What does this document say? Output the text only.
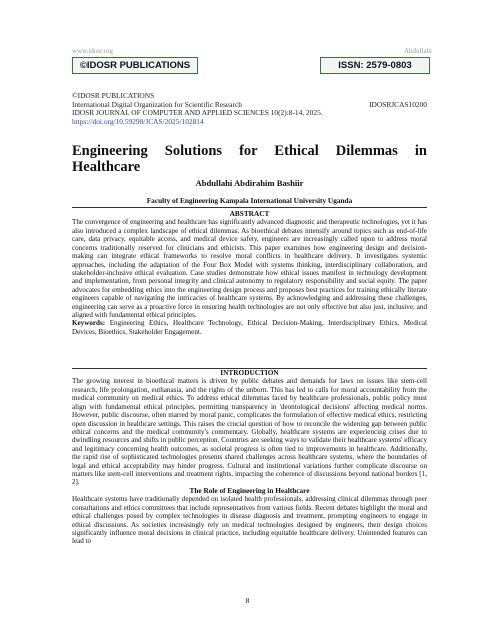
www.idosr.org	Abdullahi
©IDOSR PUBLICATIONS	ISSN: 2579-0803
©IDOSR PUBLICATIONS
International Digital Organization for Scientific Research	IDOSRJCAS10200
IDOSR JOURNAL OF COMPUTER AND APPLIED SCIENCES 10(2):8-14, 2025.
https://doi.org/10.59298/JCAS/2025/102814
Engineering Solutions for Ethical Dilemmas in Healthcare
Abdullahi Abdirahim Bashiir
Faculty of Engineering Kampala International University Uganda

ABSTRACT

The convergence of engineering and healthcare has significantly advanced diagnostic and therapeutic technologies, yet it has also introduced a complex landscape of ethical dilemmas. As bioethical debates intensify around topics such as end-of-life care, data privacy, equitable access, and medical device safety, engineers are increasingly called upon to address moral concerns traditionally reserved for clinicians and ethicists. This paper examines how engineering design and decision-making can integrate ethical frameworks to resolve moral conflicts in healthcare delivery. It investigates systemic approaches, including the adaptation of the Four Box Model with systems thinking, interdisciplinary collaboration, and stakeholder-inclusive ethical evaluation. Case studies demonstrate how ethical issues manifest in technology development and implementation, from personal integrity and clinical autonomy to regulatory responsibility and social equity. The paper advocates for embedding ethics into the engineering design process and proposes best practices for training ethically literate engineers capable of navigating the intricacies of healthcare systems. By acknowledging and addressing these challenges, engineering can serve as a proactive force in ensuring health technologies are not only effective but also just, inclusive, and aligned with fundamental ethical principles.

Keywords: Engineering Ethics, Healthcare Technology, Ethical Decision-Making, Interdisciplinary Ethics, Medical Devices, Bioethics, Stakeholder Engagement.

INTRODUCTION

The growing interest in bioethical matters is driven by public debates and demands for laws on issues like stem-cell research, life prolongation, euthanasia, and the rights of the unborn. This has led to calls for moral accountability from the medical community on medical ethics. To address ethical dilemmas faced by healthcare professionals, public policy must align with fundamental ethical principles, permitting transparency in 'deontological decisions' affecting medical norms. However, public discourse, often marred by moral panic, complicates the formulation of effective medical ethics, restricting open discussion in healthcare settings. This raises the crucial question of how to reconcile the widening gap between public ethical concerns and the medical community's commentary. Globally, healthcare systems are experiencing crises due to dwindling resources and shifts in public perception. Countries are seeking ways to validate their healthcare systems' efficacy and legitimacy concerning health outcomes, as societal progress is often tied to improvements in healthcare. Additionally, the rapid rise of sophisticated technologies presents shared challenges across healthcare systems, where the boundaries of legal and ethical acceptability may hinder progress. Cultural and institutional variations further complicate discourse on matters like stem-cell interventions and treatment rights, impacting the coherence of discussions beyond national borders [1, 2].

The Role of Engineering in Healthcare

Healthcare systems have traditionally depended on isolated health professionals, addressing clinical dilemmas through peer consultations and ethics committees that include representatives from various fields. Recent debates highlight the moral and ethical challenges posed by complex technologies in disease diagnosis and treatment, prompting engineers to engage in ethical discussions. As societies increasingly rely on medical technologies designed by engineers, their design choices significantly influence moral decisions in clinical practice, including equitable healthcare delivery. Unintended features can lead to

8
